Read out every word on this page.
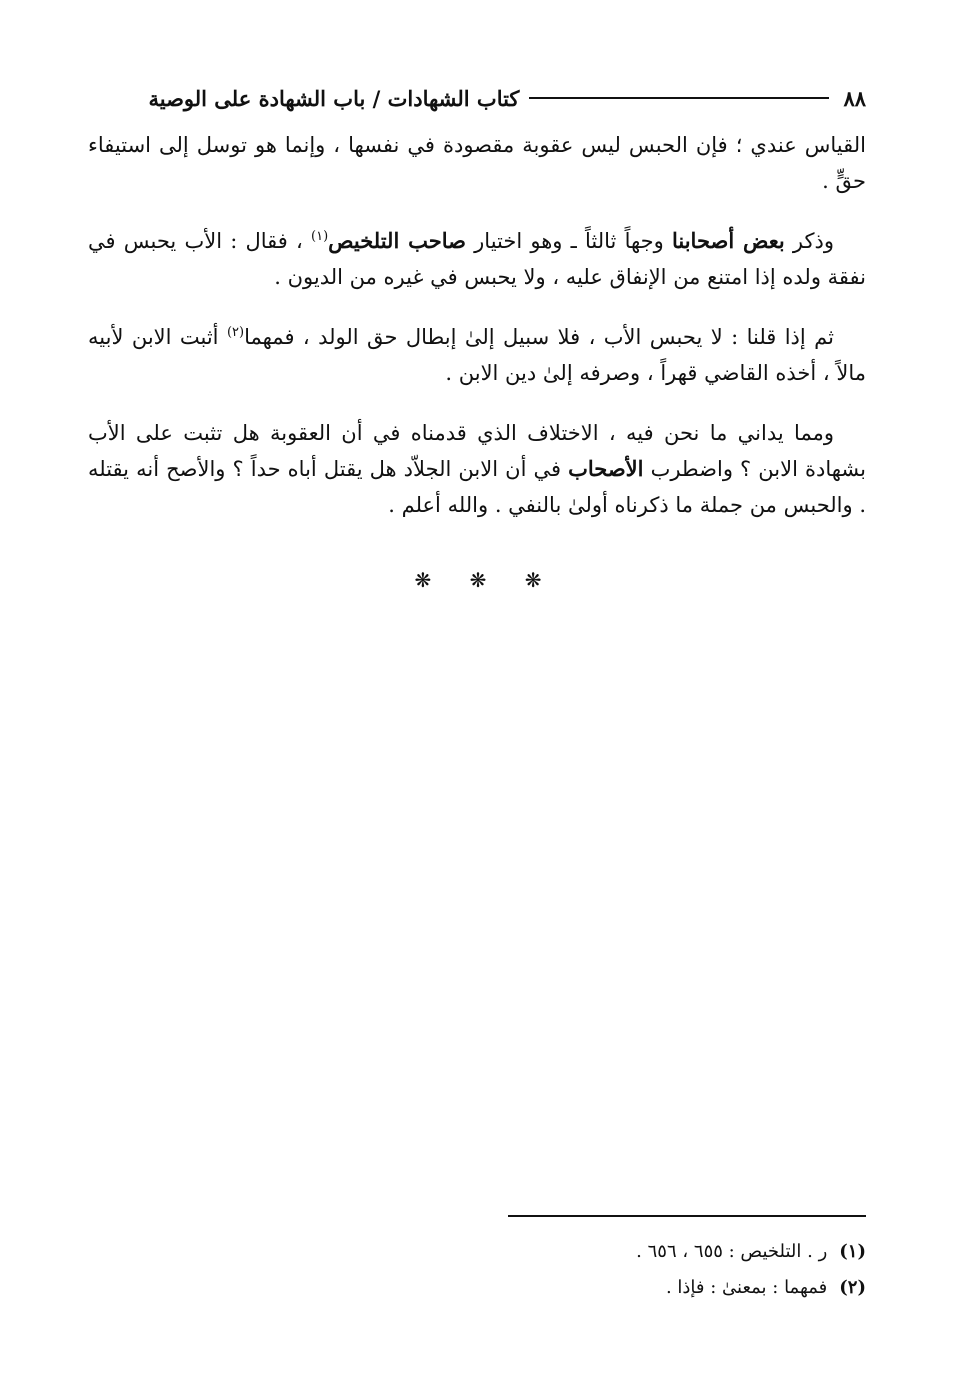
٨٨
كتاب الشهادات / باب الشهادة على الوصية

القياس عندي ؛ فإن الحبس ليس عقوبة مقصودة في نفسها ، وإنما هو توسل إلى استيفاء حقٍّ .

وذكر بعض أصحابنا وجهاً ثالثاً ـ وهو اختيار صاحب التلخيص$^{(١)}$ ، فقال : الأب يحبس في نفقة ولده إذا امتنع من الإنفاق عليه ، ولا يحبس في غيره من الديون .

ثم إذا قلنا : لا يحبس الأب ، فلا سبيل إلىٰ إبطال حق الولد ، فمهما$^{(٢)}$ أثبت الابن لأبيه مالاً ، أخذه القاضي قهراً ، وصرفه إلىٰ دين الابن .

ومما يداني ما نحن فيه ، الاختلاف الذي قدمناه في أن العقوبة هل تثبت على الأب بشهادة الابن ؟ واضطرب الأصحاب في أن الابن الجلاّد هل يقتل أباه حداً ؟ والأصح أنه يقتله . والحبس من جملة ما ذكرناه أولىٰ بالنفي . والله أعلم .

❋ ❋ ❋
(١)ر . التلخيص : ٦٥٥ ، ٦٥٦ .
(٢)فمهما : بمعنىٰ : فإذا .
